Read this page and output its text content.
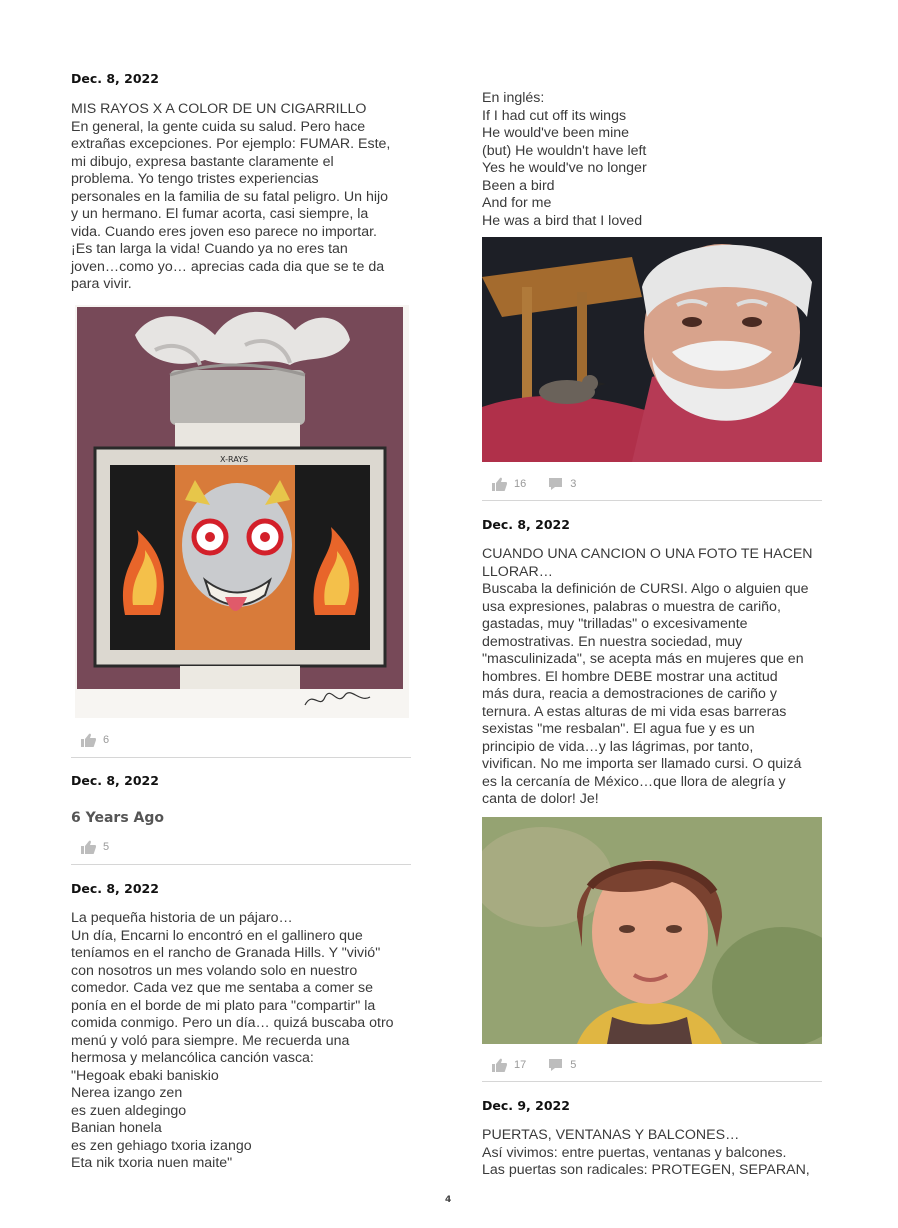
Dec. 8, 2022
MIS RAYOS X A COLOR DE UN CIGARRILLO
En general, la gente cuida su salud. Pero hace
extrañas excepciones. Por ejemplo: FUMAR. Este,
mi dibujo, expresa bastante claramente el
problema. Yo tengo tristes experiencias
personales en la familia de su fatal peligro. Un hijo
y un hermano. El fumar acorta, casi siempre, la
vida. Cuando eres joven eso parece no importar.
¡Es tan larga la vida! Cuando ya no eres tan
joven…como yo… aprecias cada dia que se te da
para vivir.
X-RAYS
6
Dec. 8, 2022
6 Years Ago
5
Dec. 8, 2022
La pequeña historia de un pájaro…
Un día, Encarni lo encontró en el gallinero que
teníamos en el rancho de Granada Hills. Y "vivió"
con nosotros un mes volando solo en nuestro
comedor. Cada vez que me sentaba a comer se
ponía en el borde de mi plato para "compartir" la
comida conmigo. Pero un día… quizá buscaba otro
menú y voló para siempre. Me recuerda una
hermosa y melancólica canción vasca:
"Hegoak ebaki baniskio
Nerea izango zen
es zuen aldegingo
Banian honela
es zen gehiago txoria izango
Eta nik txoria nuen maite"
En inglés:
If I had cut off its wings
He would've been mine
(but) He wouldn't have left
Yes he would've no longer
Been a bird
And for me
He was a bird that I loved
16	3
Dec. 8, 2022
CUANDO UNA CANCION O UNA FOTO TE HACEN
LLORAR…
Buscaba la definición de CURSI. Algo o alguien que
usa expresiones, palabras o muestra de cariño,
gastadas, muy "trilladas" o excesivamente
demostrativas. En nuestra sociedad, muy
"masculinizada", se acepta más en mujeres que en
hombres. El hombre DEBE mostrar una actitud
más dura, reacia a demostraciones de cariño y
ternura. A estas alturas de mi vida esas barreras
sexistas "me resbalan". El agua fue y es un
principio de vida…y las lágrimas, por tanto,
vivifican. No me importa ser llamado cursi. O quizá
es la cercanía de México…que llora de alegría y
canta de dolor! Je!
17	5
Dec. 9, 2022
PUERTAS, VENTANAS Y BALCONES…
Así vivimos: entre puertas, ventanas y balcones.
Las puertas son radicales: PROTEGEN, SEPARAN,
4
